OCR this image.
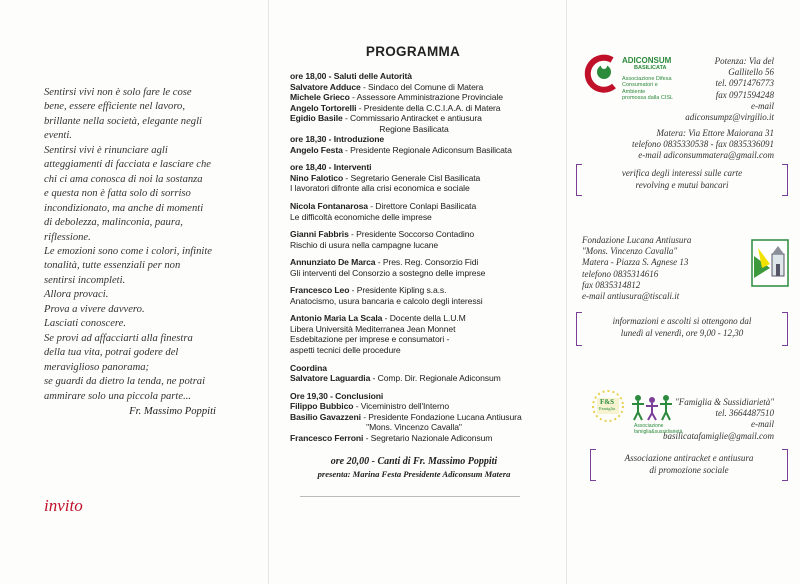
Sentirsi vivi non è solo fare le cose
bene, essere efficiente nel lavoro,
brillante nella società, elegante negli
eventi.
Sentirsi vivi è rinunciare agli
atteggiamenti di facciata e lasciare che
chi ci ama conosca di noi la sostanza
e questa non è fatta solo di sorriso
incondizionato, ma anche di momenti
di debolezza, malinconia, paura,
riflessione.
Le emozioni sono come i colori, infinite
tonalità, tutte essenziali per non
sentirsi incompleti.
Allora provaci.
Prova a vivere davvero.
Lasciati conoscere.
Se provi ad affacciarti alla finestra
della tua vita, potrai godere del
meraviglioso panorama;
se guardi da dietro la tenda, ne potrai
ammirare solo una piccola parte...
Fr. Massimo Poppiti
invito
PROGRAMMA
ore 18,00 - Saluti delle Autorità
Salvatore Adduce - Sindaco del Comune di Matera
Michele Grieco - Assessore Amministrazione Provinciale
Angelo Tortorelli - Presidente della C.C.I.A.A. di Matera
Egidio Basile - Commissario Antiracket e antiusura
Regione Basilicata
ore 18,30 - Introduzione
Angelo Festa - Presidente Regionale Adiconsum Basilicata
ore 18,40 - Interventi
Nino Falotico - Segretario Generale Cisl Basilicata
I lavoratori difronte alla crisi economica e sociale
Nicola Fontanarosa - Direttore Conlapi Basilicata
Le difficoltà economiche delle imprese
Gianni Fabbris - Presidente Soccorso Contadino
Rischio di usura nella campagne lucane
Annunziato De Marca - Pres. Reg. Consorzio Fidi
Gli interventi del Consorzio a sostegno delle imprese
Francesco Leo - Presidente Kipling s.a.s.
Anatocismo, usura bancaria e calcolo degli interessi
Antonio Maria La Scala - Docente della L.U.M
Libera Università Mediterranea Jean Monnet
Esdebitazione per imprese e consumatori -
aspetti tecnici delle procedure
Coordina
Salvatore Laguardia - Comp. Dir. Regionale Adiconsum
Ore 19,30 - Conclusioni
Filippo Bubbico - Viceministro dell'Interno
Basilio Gavazzeni - Presidente Fondazione Lucana Antiusura
"Mons. Vincenzo Cavalla"
Francesco Ferroni - Segretario Nazionale Adiconsum
ore 20,00 - Canti di Fr. Massimo Poppiti
presenta: Marina Festa Presidente Adiconsum Matera
ADICONSUM
BASILICATA
Associazione Difesa
Consumatori e Ambiente
promossa dalla CISL
Potenza: Via del
Gallitello 56
tel. 0971476773
fax 0971594248
e-mail
adiconsumpz@virgilio.it
Matera: Via Ettore Maiorana 31
telefono 0835330538 - fax 0835336091
e-mail adiconsummatera@gmail.com
verifica degli interessi sulle carte
revolving e mutui bancari
Fondazione Lucana Antiusura
"Mons. Vincenzo Cavalla"
Matera - Piazza S. Agnese 13
telefono 0835314616
fax 0835314812
e-mail antiusura@tiscali.it
informazioni e ascolti si ottengono dal
lunedì al venerdì, ore 9,00 - 12,30
F&S
Famiglia
Associazione famiglia&sussidiarietà
"Famiglia & Sussidiarietà"
tel. 3664487510
e-mail
basilicatafamiglie@gmail.com
Associazione antiracket e antiusura
di promozione sociale
